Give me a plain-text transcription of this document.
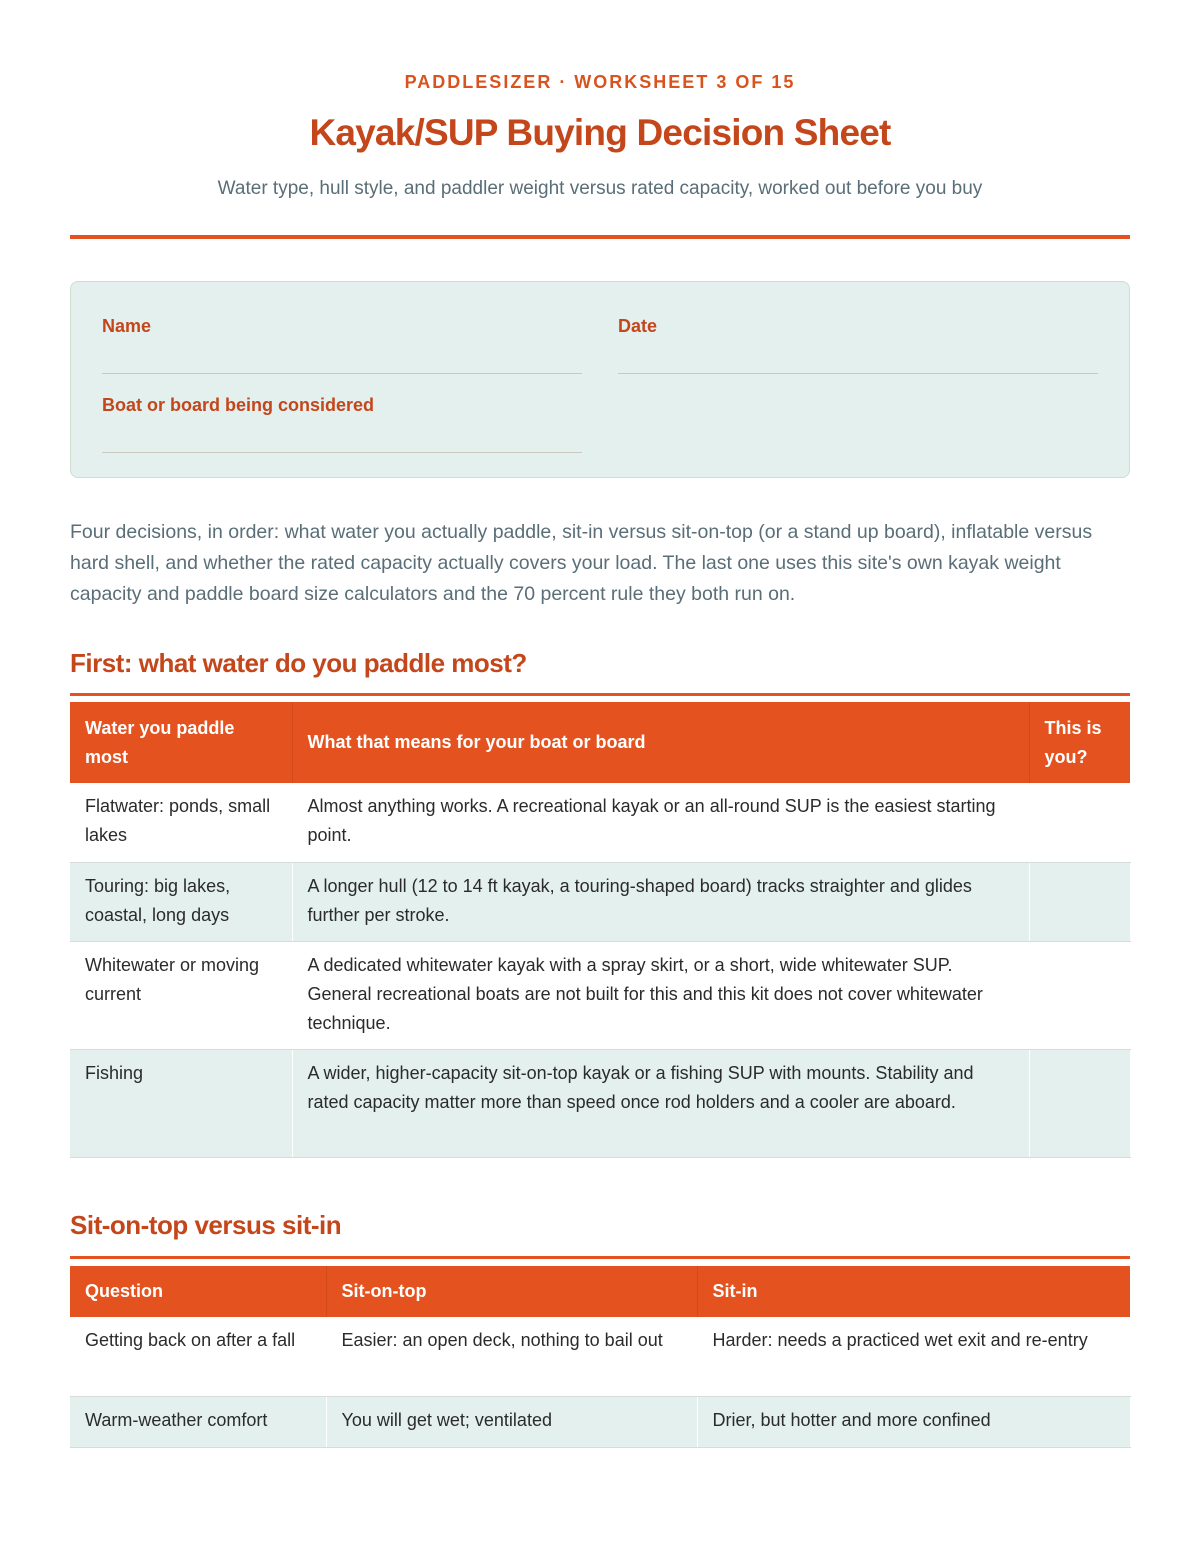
PADDLESIZER · WORKSHEET 3 OF 15
Kayak/SUP Buying Decision Sheet
Water type, hull style, and paddler weight versus rated capacity, worked out before you buy
Name	Date
Boat or board being considered

Four decisions, in order: what water you actually paddle, sit-in versus sit-on-top (or a stand up board), inflatable versus hard shell, and whether the rated capacity actually covers your load. The last one uses this site's own kayak weight capacity and paddle board size calculators and the 70 percent rule they both run on.

First: what water do you paddle most?
Water you paddle most	What that means for your boat or board	This is you?
Flatwater: ponds, small lakes	Almost anything works. A recreational kayak or an all-round SUP is the easiest starting point.	
Touring: big lakes, coastal, long days	A longer hull (12 to 14 ft kayak, a touring-shaped board) tracks straighter and glides further per stroke.	
Whitewater or moving current	A dedicated whitewater kayak with a spray skirt, or a short, wide whitewater SUP. General recreational boats are not built for this and this kit does not cover whitewater technique.	
Fishing	A wider, higher-capacity sit-on-top kayak or a fishing SUP with mounts. Stability and rated capacity matter more than speed once rod holders and a cooler are aboard.	
Sit-on-top versus sit-in
Question	Sit-on-top	Sit-in
Getting back on after a fall	Easier: an open deck, nothing to bail out	Harder: needs a practiced wet exit and re-entry
Warm-weather comfort	You will get wet; ventilated	Drier, but hotter and more confined
